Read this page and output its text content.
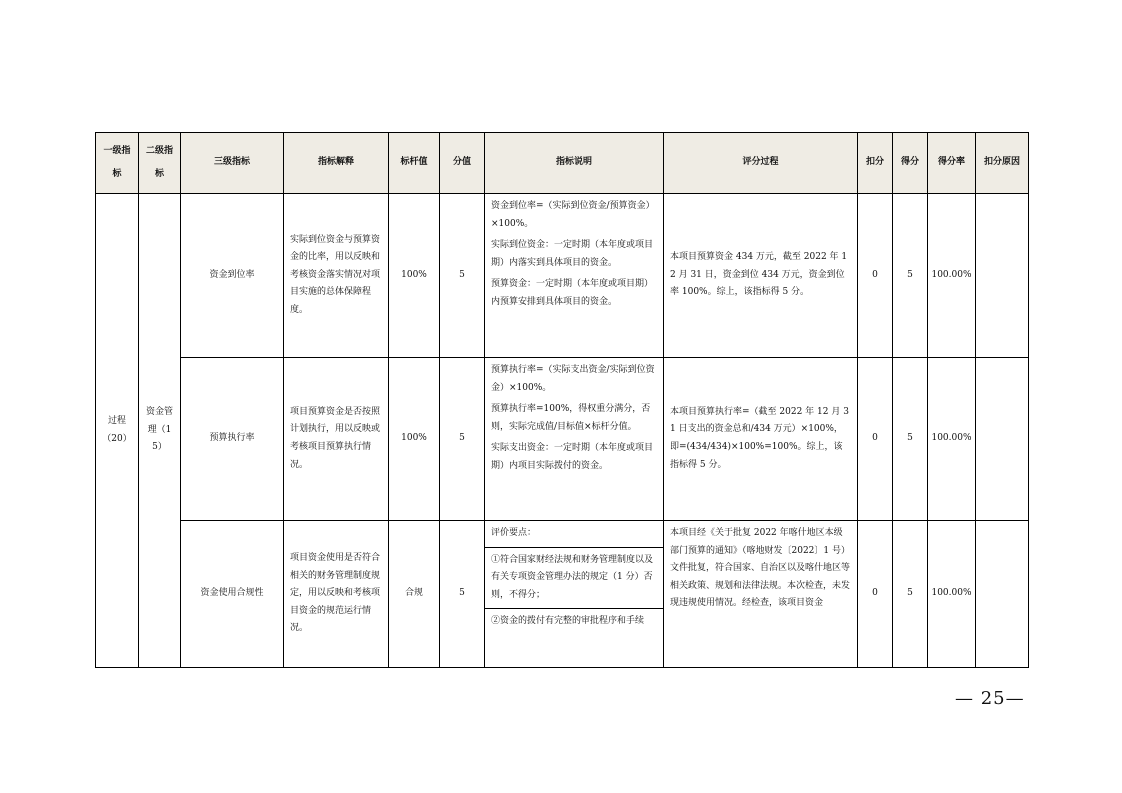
一级指标	二级指标	三级指标	指标解释	标杆值	分值	指标说明	评分过程	扣分	得分	得分率	扣分原因

过程（20）	资金管理（15）	资金到位率	实际到位资金与预算资金的比率，用以反映和考核资金落实情况对项目实施的总体保障程度。	100%	5	资金到位率=（实际到位资金/预算资金）×100%。
实际到位资金：一定时期（本年度或项目期）内落实到具体项目的资金。
预算资金：一定时期（本年度或项目期）内预算安排到具体项目的资金。	本项目预算资金 434 万元，截至 2022 年 12 月 31 日，资金到位 434 万元，资金到位率 100%。综上，该指标得 5 分。	0	5	100.00%	
		预算执行率	项目预算资金是否按照计划执行，用以反映或考核项目预算执行情况。	100%	5	预算执行率=（实际支出资金/实际到位资金）×100%。
预算执行率=100%，得权重分满分，否则，实际完成值/目标值×标杆分值。
实际支出资金：一定时期（本年度或项目期）内项目实际拨付的资金。	本项目预算执行率=（截至 2022 年 12 月 31 日支出的资金总和/434 万元）×100%，即=(434/434)×100%=100%。综上，该指标得 5 分。	0	5	100.00%	
		资金使用合规性	项目资金使用是否符合相关的财务管理制度规定，用以反映和考核项目资金的规范运行情况。	合规	5	评价要点：
①符合国家财经法规和财务管理制度以及有关专项资金管理办法的规定（1 分）否则，不得分；
②资金的拨付有完整的审批程序和手续	本项目经《关于批复 2022 年喀什地区本级部门预算的通知》（喀地财发〔2022〕1 号）文件批复，符合国家、自治区以及喀什地区等相关政策、规划和法律法规。本次检查，未发现违规使用情况。经检查，该项目资金	0	5	100.00%	
— 25—
